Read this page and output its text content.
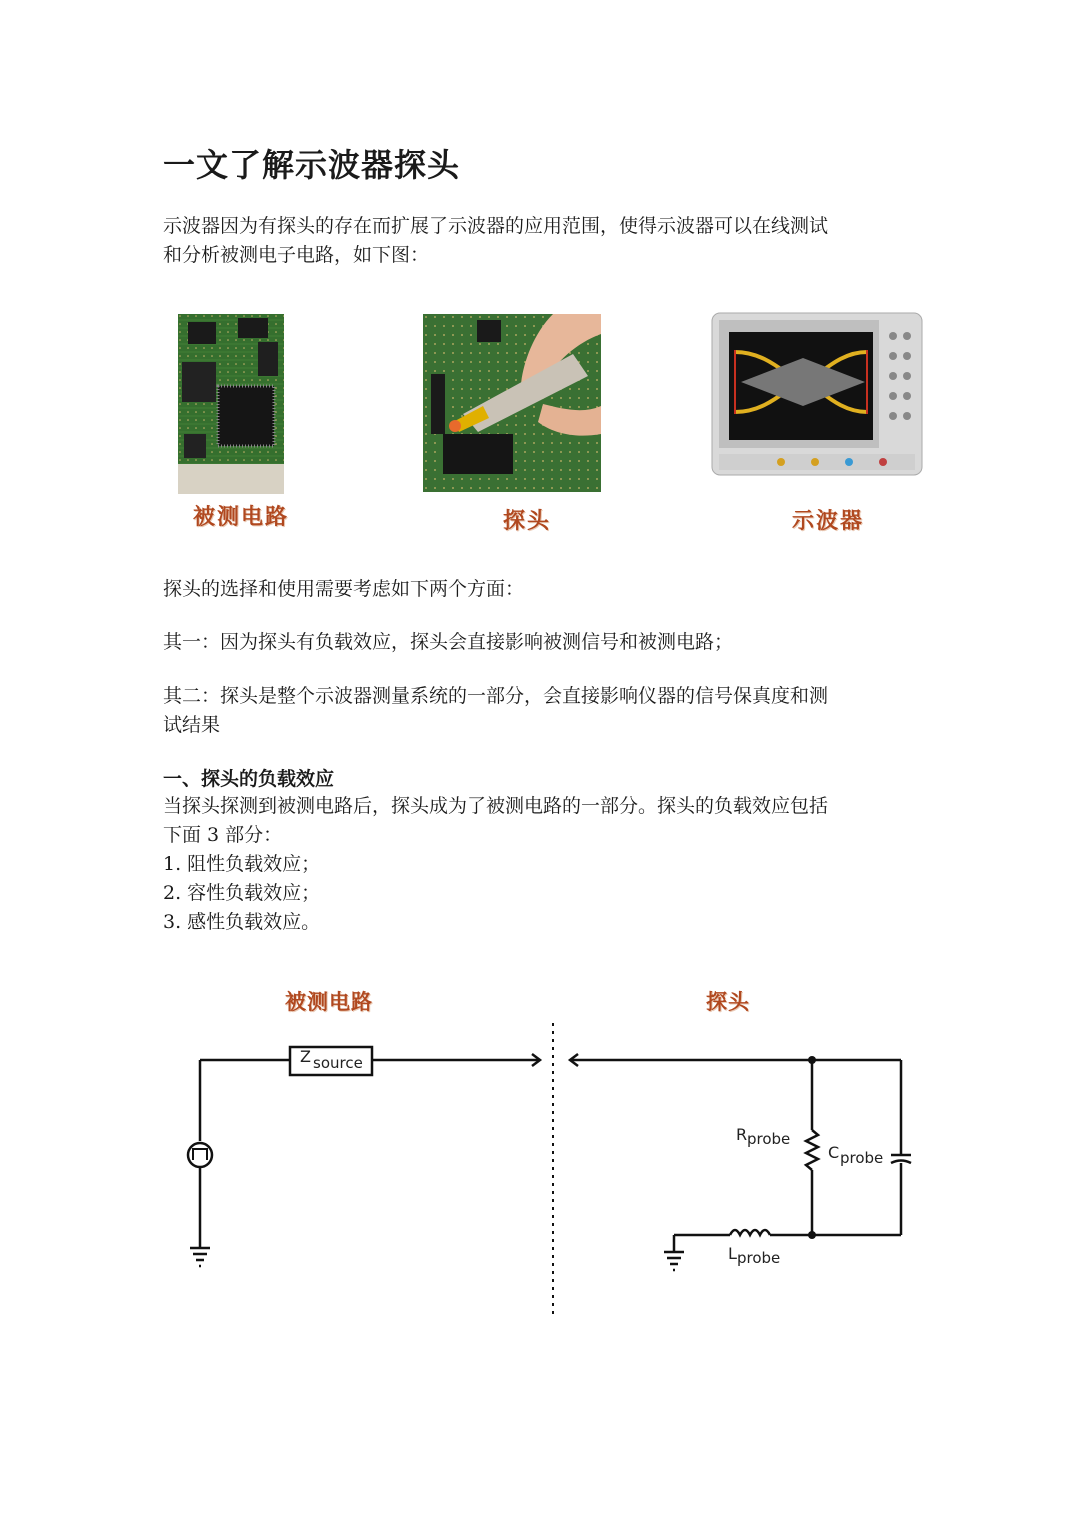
一文了解示波器探头
示波器因为有探头的存在而扩展了示波器的应用范围，使得示波器可以在线测试
和分析被测电子电路，如下图：
被测电路	探头	示波器
探头的选择和使用需要考虑如下两个方面：
其一：因为探头有负载效应，探头会直接影响被测信号和被测电路；
其二：探头是整个示波器测量系统的一部分，会直接影响仪器的信号保真度和测
试结果
一、探头的负载效应
当探头探测到被测电路后，探头成为了被测电路的一部分。探头的负载效应包括
下面 3 部分：
1. 阻性负载效应；
2. 容性负载效应；
3. 感性负载效应。
被测电路	探头
Z source
R probe
C probe
L probe
